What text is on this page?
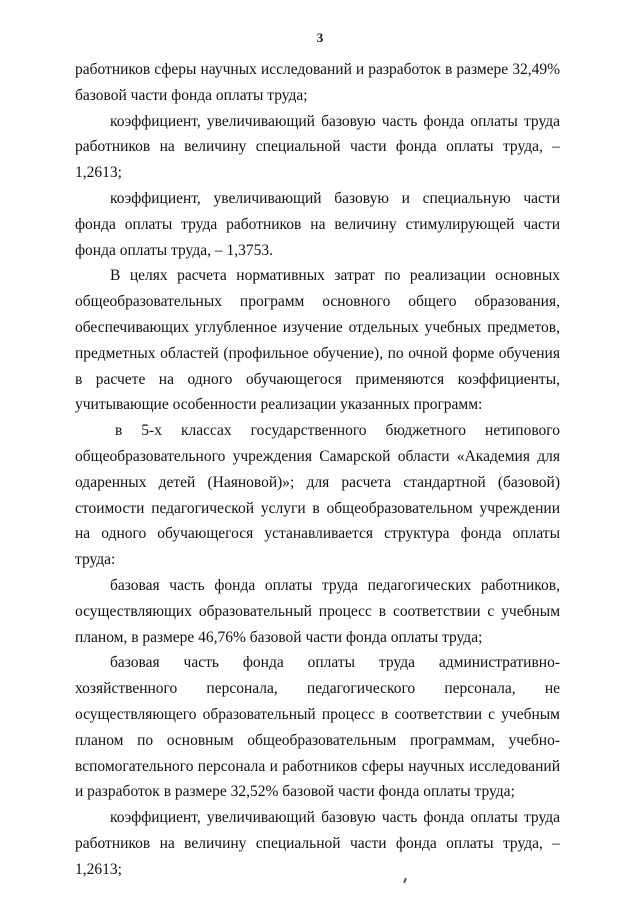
3

работников сферы научных исследований и разработок в размере 32,49% базовой части фонда оплаты труда;

коэффициент, увеличивающий базовую часть фонда оплаты труда работников на величину специальной части фонда оплаты труда, – 1,2613;

коэффициент, увеличивающий базовую и специальную части фонда оплаты труда работников на величину стимулирующей части фонда оплаты труда, – 1,3753.

В целях расчета нормативных затрат по реализации основных общеобразовательных программ основного общего образования, обеспечивающих углубленное изучение отдельных учебных предметов, предметных областей (профильное обучение), по очной форме обучения в расчете на одного обучающегося применяются коэффициенты, учитывающие особенности реализации указанных программ:

в 5-х классах государственного бюджетного нетипового общеобразовательного учреждения Самарской области «Академия для одаренных детей (Наяновой)»; для расчета стандартной (базовой) стоимости педагогической услуги в общеобразовательном учреждении на одного обучающегося устанавливается структура фонда оплаты труда:

базовая часть фонда оплаты труда педагогических работников, осуществляющих образовательный процесс в соответствии с учебным планом, в размере 46,76% базовой части фонда оплаты труда;

базовая часть фонда оплаты труда административно-хозяйственного персонала, педагогического персонала, не осуществляющего образовательный процесс в соответствии с учебным планом по основным общеобразовательным программам, учебно-вспомогательного персонала и работников сферы научных исследований и разработок в размере 32,52% базовой части фонда оплаты труда;

коэффициент, увеличивающий базовую часть фонда оплаты труда работников на величину специальной части фонда оплаты труда, – 1,2613;
